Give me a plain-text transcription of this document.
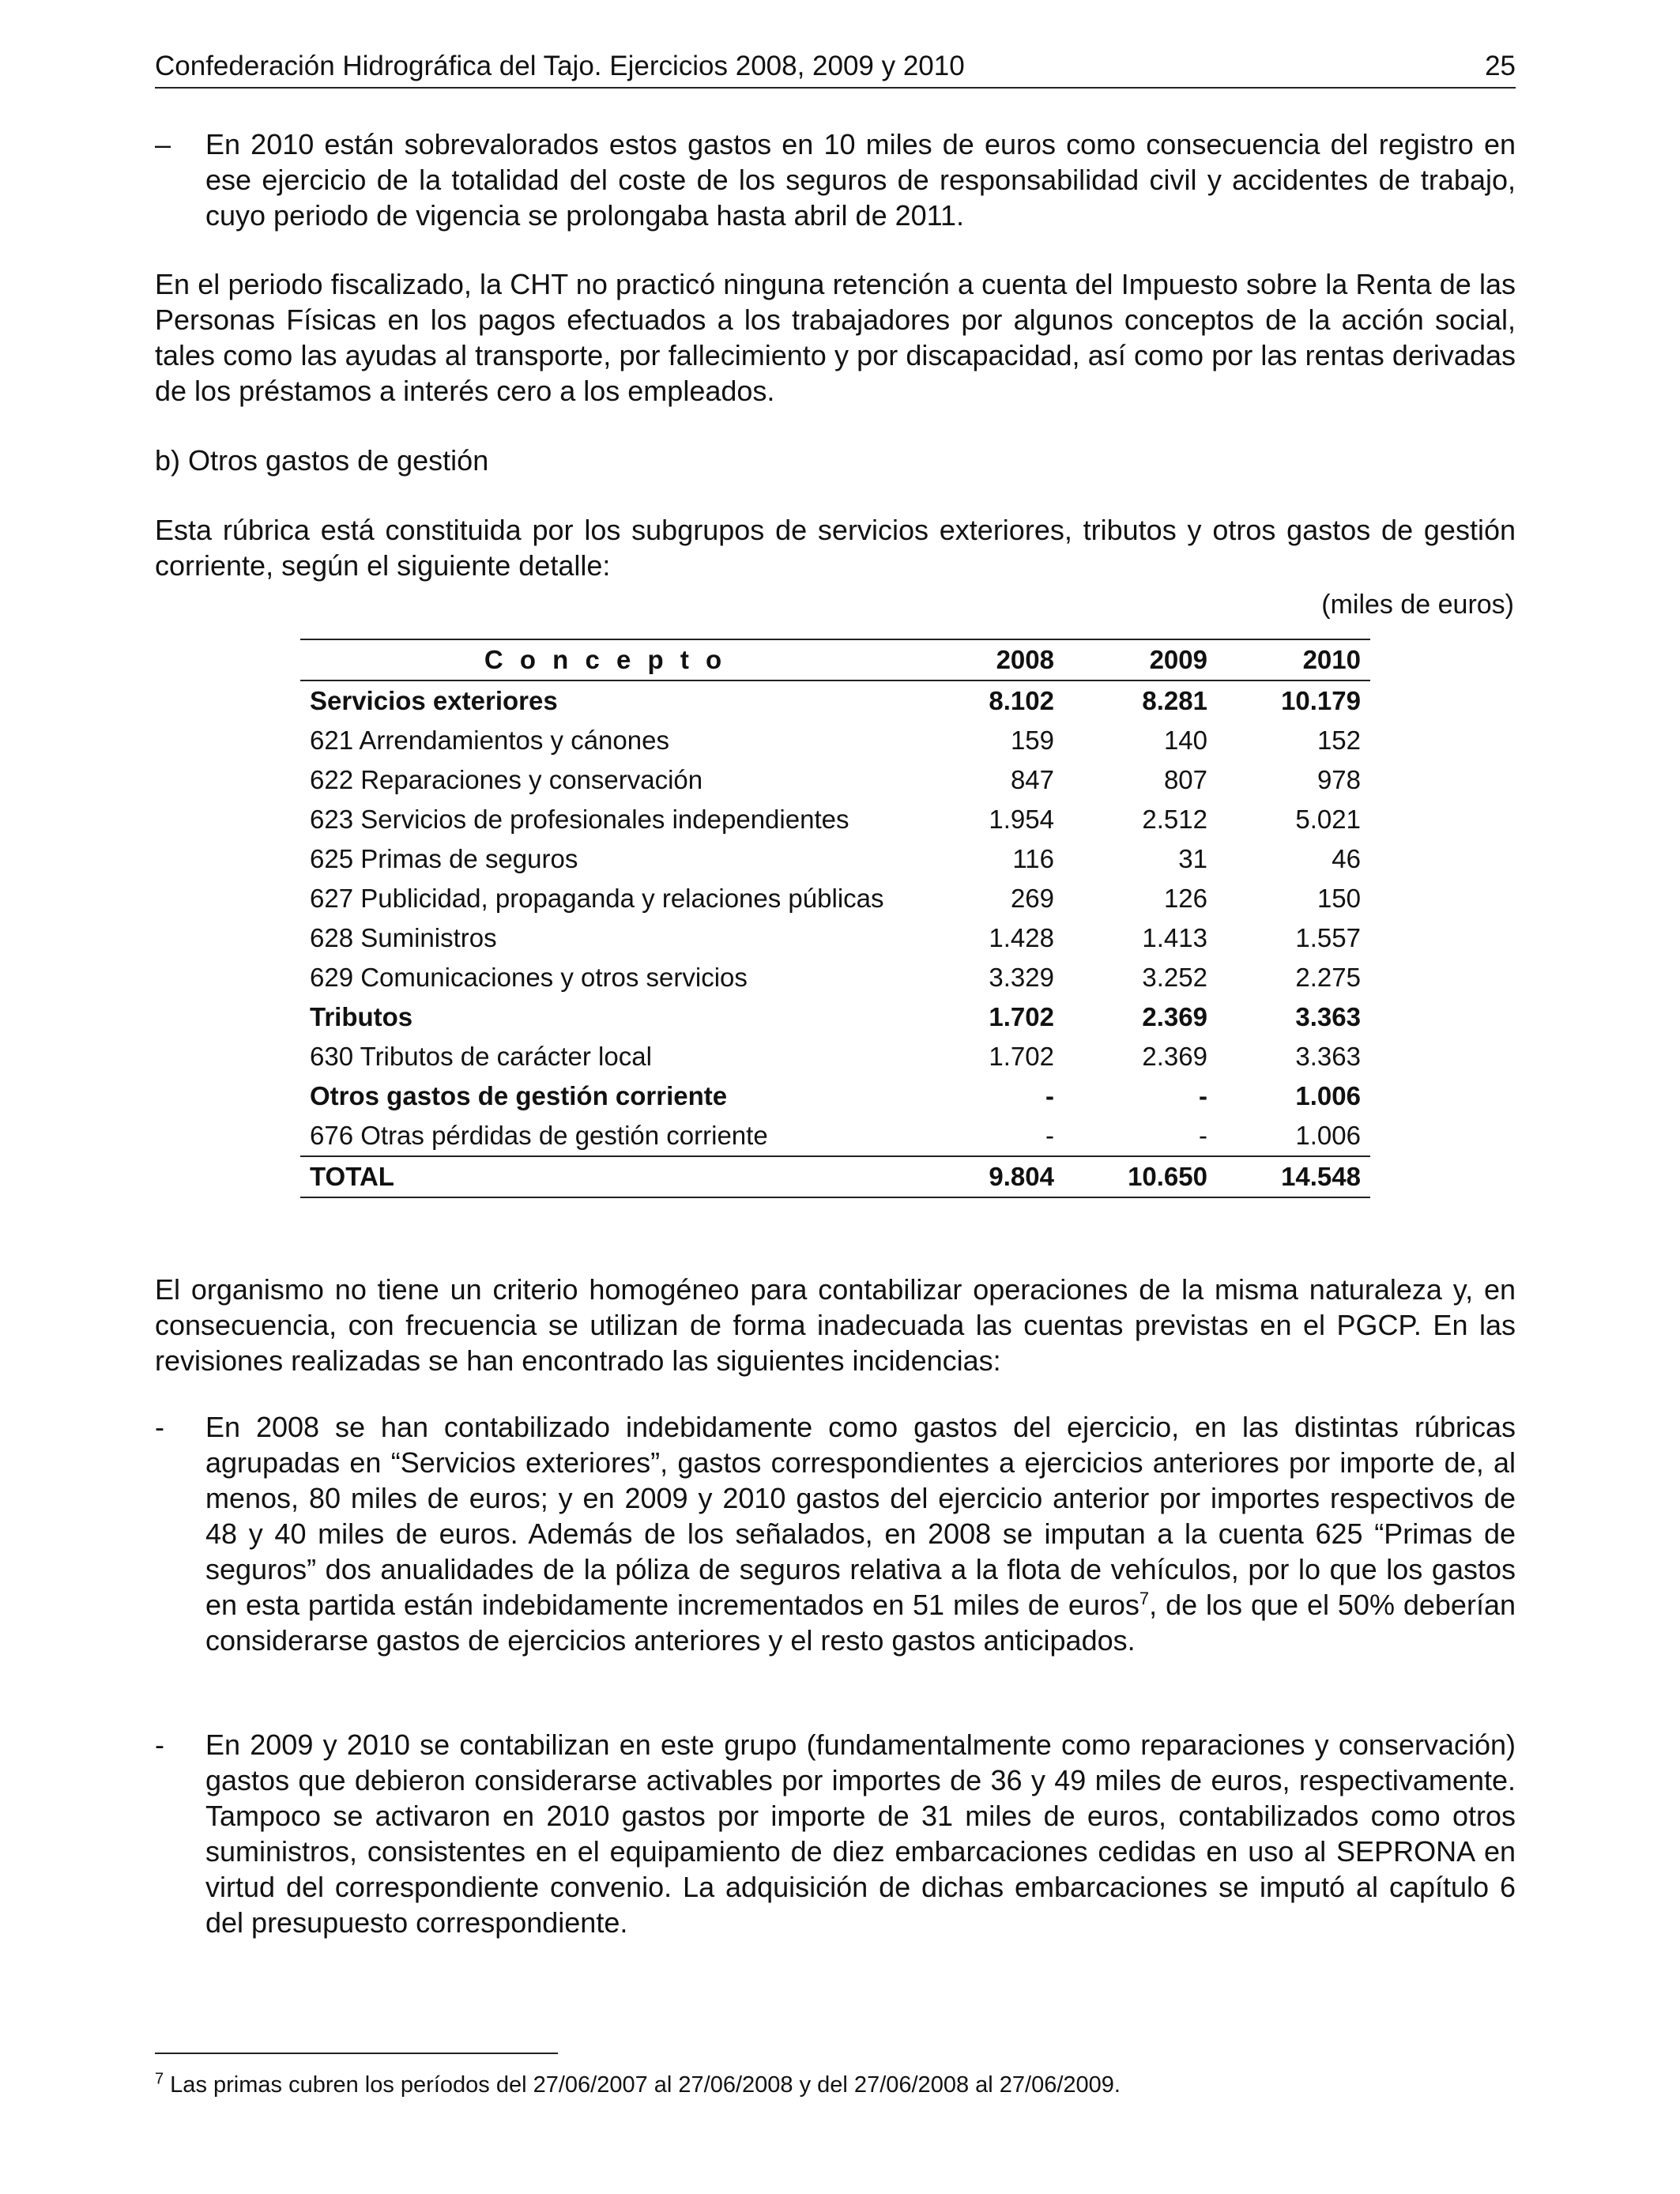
Confederación Hidrográfica del Tajo. Ejercicios 2008, 2009 y 2010	25
–	En 2010 están sobrevalorados estos gastos en 10 miles de euros como consecuencia del registro en ese ejercicio de la totalidad del coste de los seguros de responsabilidad civil y accidentes de trabajo, cuyo periodo de vigencia se prolongaba hasta abril de 2011.
En el periodo fiscalizado, la CHT no practicó ninguna retención a cuenta del Impuesto sobre la Renta de las Personas Físicas en los pagos efectuados a los trabajadores por algunos conceptos de la acción social, tales como las ayudas al transporte, por fallecimiento y por discapacidad, así como por las rentas derivadas de los préstamos a interés cero a los empleados.
b) Otros gastos de gestión
Esta rúbrica está constituida por los subgrupos de servicios exteriores, tributos y otros gastos de gestión corriente, según el siguiente detalle:
(miles de euros)
C o n c e p t o	2008	2009	2010
Servicios exteriores	8.102	8.281	10.179
621 Arrendamientos y cánones	159	140	152
622 Reparaciones y conservación	847	807	978
623 Servicios de profesionales independientes	1.954	2.512	5.021
625 Primas de seguros	116	31	46
627 Publicidad, propaganda y relaciones públicas	269	126	150
628 Suministros	1.428	1.413	1.557
629 Comunicaciones y otros servicios	3.329	3.252	2.275
Tributos	1.702	2.369	3.363
630 Tributos de carácter local	1.702	2.369	3.363
Otros gastos de gestión corriente	-	-	1.006
676 Otras pérdidas de gestión corriente	-	-	1.006
TOTAL	9.804	10.650	14.548
El organismo no tiene un criterio homogéneo para contabilizar operaciones de la misma naturaleza y, en consecuencia, con frecuencia se utilizan de forma inadecuada las cuentas previstas en el PGCP. En las revisiones realizadas se han encontrado las siguientes incidencias:
-	En 2008 se han contabilizado indebidamente como gastos del ejercicio, en las distintas rúbricas agrupadas en “Servicios exteriores”, gastos correspondientes a ejercicios anteriores por importe de, al menos, 80 miles de euros; y en 2009 y 2010 gastos del ejercicio anterior por importes respectivos de 48 y 40 miles de euros. Además de los señalados, en 2008 se imputan a la cuenta 625 “Primas de seguros” dos anualidades de la póliza de seguros relativa a la flota de vehículos, por lo que los gastos en esta partida están indebidamente incrementados en 51 miles de euros$^7$, de los que el 50% deberían considerarse gastos de ejercicios anteriores y el resto gastos anticipados.
-	En 2009 y 2010 se contabilizan en este grupo (fundamentalmente como reparaciones y conservación) gastos que debieron considerarse activables por importes de 36 y 49 miles de euros, respectivamente. Tampoco se activaron en 2010 gastos por importe de 31 miles de euros, contabilizados como otros suministros, consistentes en el equipamiento de diez embarcaciones cedidas en uso al SEPRONA en virtud del correspondiente convenio. La adquisición de dichas embarcaciones se imputó al capítulo 6 del presupuesto correspondiente.
$^7$ Las primas cubren los períodos del 27/06/2007 al 27/06/2008 y del 27/06/2008 al 27/06/2009.
